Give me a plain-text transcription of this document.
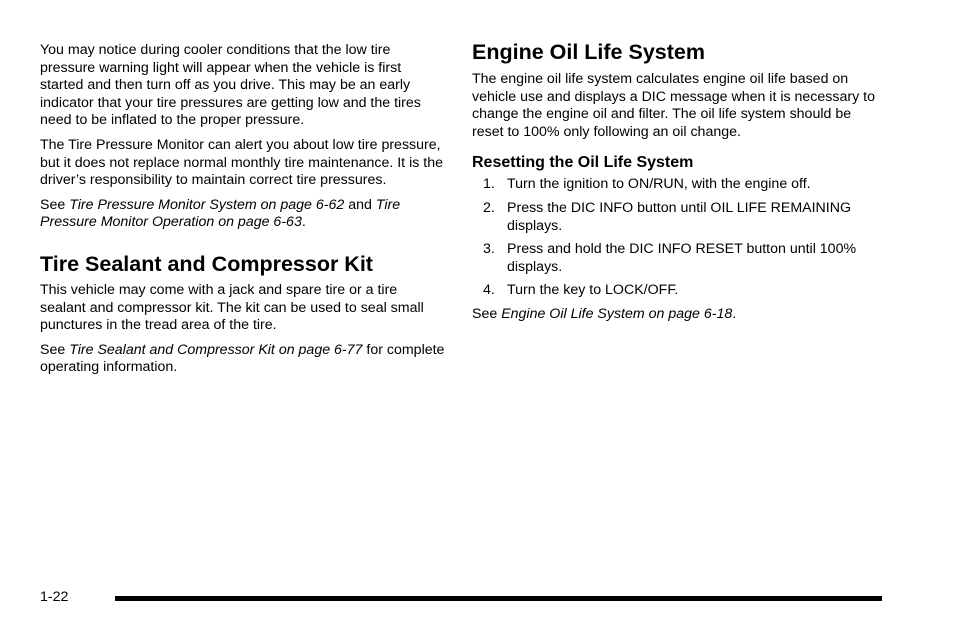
You may notice during cooler conditions that the low tire pressure warning light will appear when the vehicle is first started and then turn off as you drive. This may be an early indicator that your tire pressures are getting low and the tires need to be inflated to the proper pressure.

The Tire Pressure Monitor can alert you about low tire pressure, but it does not replace normal monthly tire maintenance. It is the driver’s responsibility to maintain correct tire pressures.

See Tire Pressure Monitor System on page 6-62 and Tire Pressure Monitor Operation on page 6-63.

Tire Sealant and Compressor Kit

This vehicle may come with a jack and spare tire or a tire sealant and compressor kit. The kit can be used to seal small punctures in the tread area of the tire.

See Tire Sealant and Compressor Kit on page 6-77 for complete operating information.

Engine Oil Life System

The engine oil life system calculates engine oil life based on vehicle use and displays a DIC message when it is necessary to change the engine oil and filter. The oil life system should be reset to 100% only following an oil change.

Resetting the Oil Life System
1. Turn the ignition to ON/RUN, with the engine off.
2. Press the DIC INFO button until OIL LIFE REMAINING displays.
3. Press and hold the DIC INFO RESET button until 100% displays.
4. Turn the key to LOCK/OFF.

See Engine Oil Life System on page 6-18.

1-22
